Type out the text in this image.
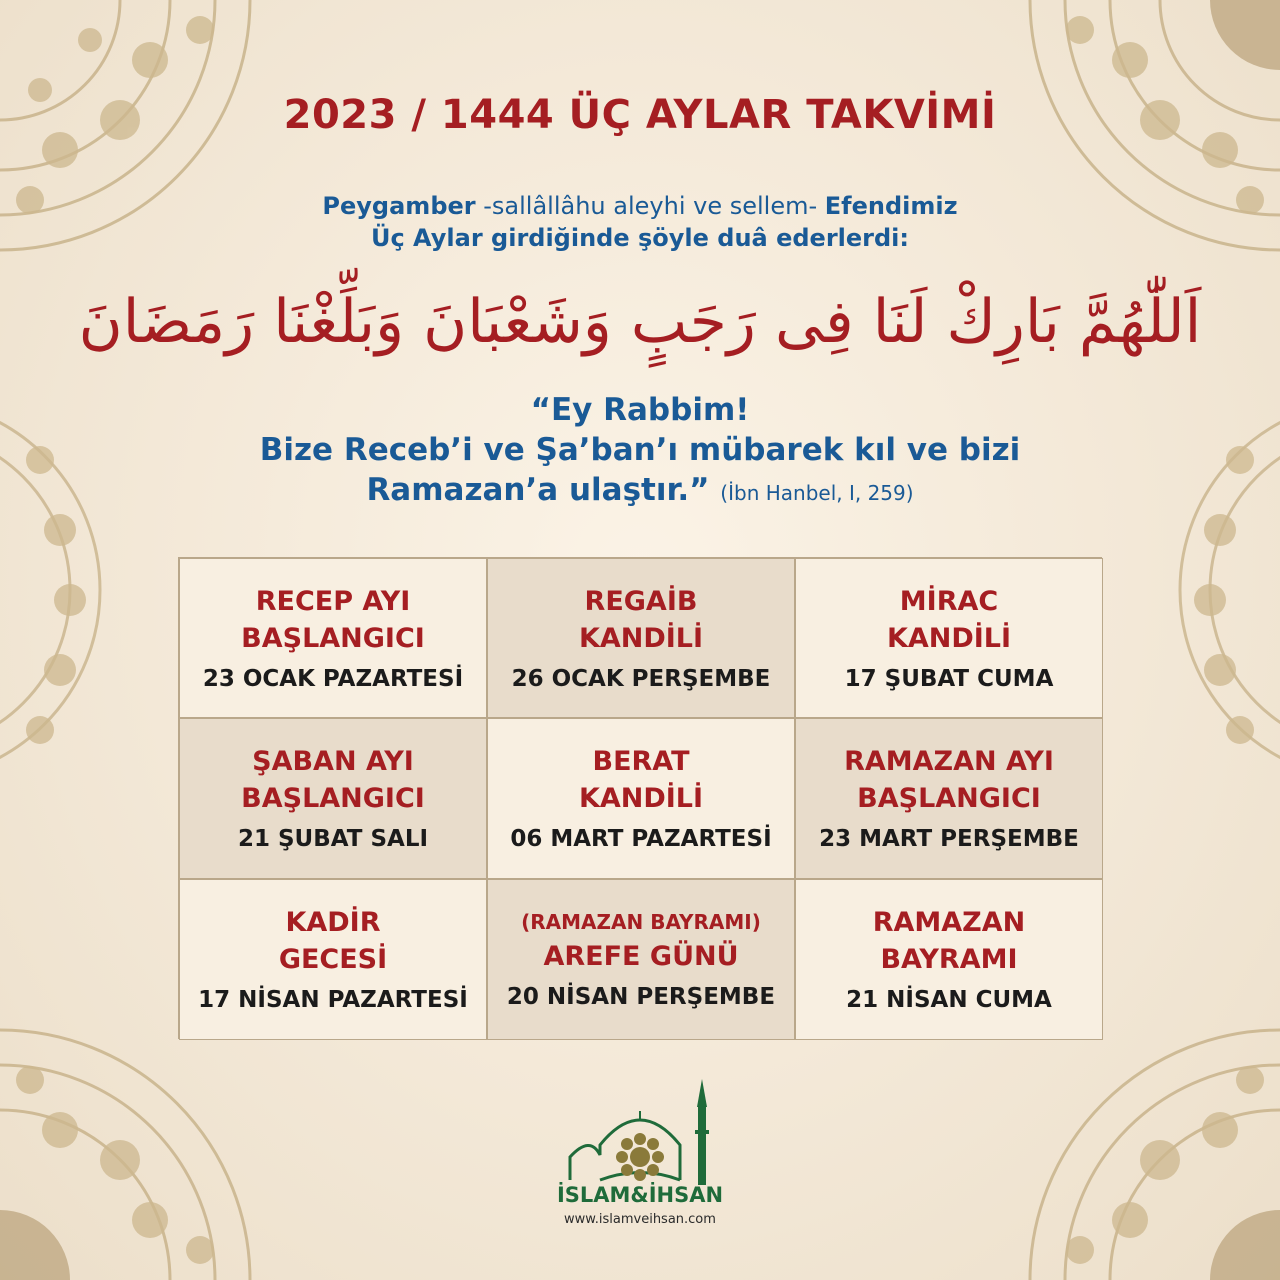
2023 / 1444 ÜÇ AYLAR TAKVİMİ
Peygamber -sallâllâhu aleyhi ve sellem- Efendimiz
Üç Aylar girdiğinde şöyle duâ ederlerdi:
اَللّٰهُمَّ بَارِكْ لَنَا فِى رَجَبٍ وَشَعْبَانَ وَبَلِّغْنَا رَمَضَانَ
“Ey Rabbim!
Bize Receb’i ve Şa’ban’ı mübarek kıl ve bizi
Ramazan’a ulaştır.” (İbn Hanbel, I, 259)
RECEP AYI
BAŞLANGICI
23 OCAK PAZARTESİ
REGAİB
KANDİLİ
26 OCAK PERŞEMBE
MİRAC
KANDİLİ
17 ŞUBAT CUMA
ŞABAN AYI
BAŞLANGICI
21 ŞUBAT SALI
BERAT
KANDİLİ
06 MART PAZARTESİ
RAMAZAN AYI
BAŞLANGICI
23 MART PERŞEMBE
KADİR
GECESİ
17 NİSAN PAZARTESİ
(RAMAZAN BAYRAMI)
AREFE GÜNÜ
20 NİSAN PERŞEMBE
RAMAZAN
BAYRAMI
21 NİSAN CUMA
İSLAM&İHSAN
www.islamveihsan.com
